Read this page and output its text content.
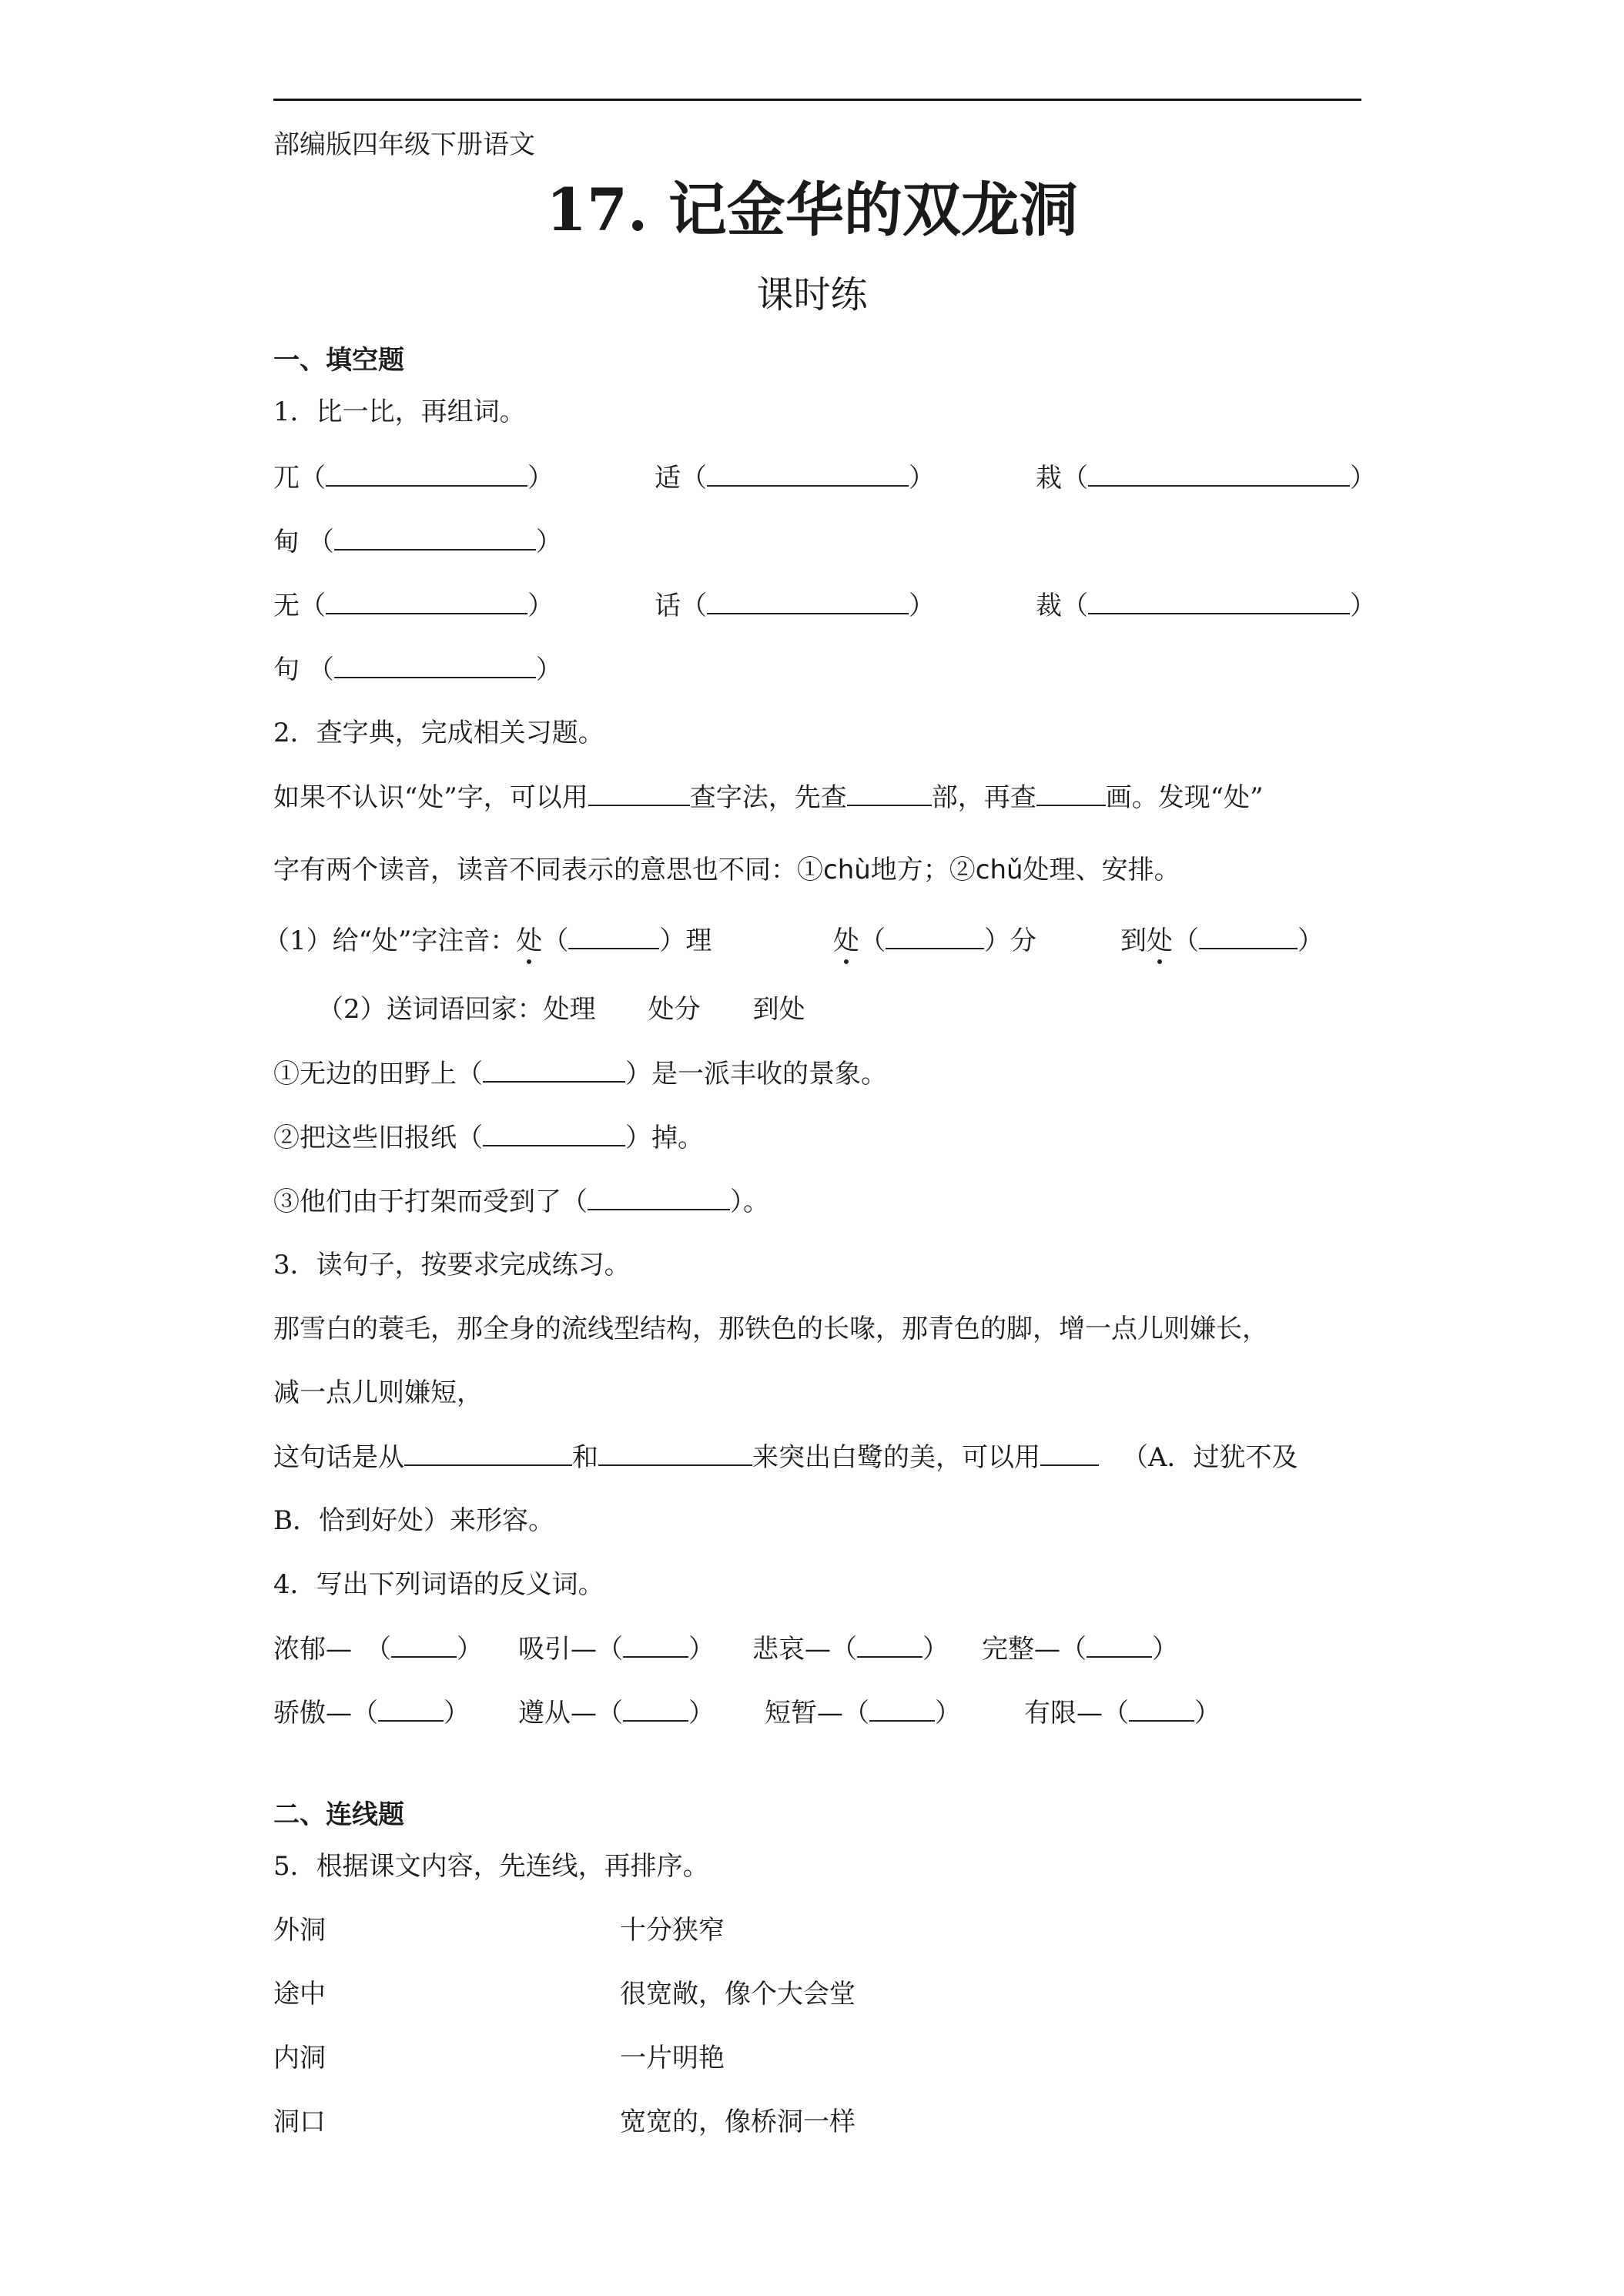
部编版四年级下册语文
17. 记金华的双龙洞
课时练
一、填空题
1．比一比，再组词。
兀（	）	适（	）	栽（	）
甸 （	）
无（	）	话（	）	裁（	）
句 （	）
2．查字典，完成相关习题。
如果不认识“处”字，可以用	查字法，先查	部，再查	画。发现“处”
字有两个读音，读音不同表示的意思也不同：①chù地方；②chǔ处理、安排。
（1）给“处”字注音：处（	）理	处（	）分	到处（	）
（2）送词语回家：处理　　处分　　到处
①无边的田野上（	）是一派丰收的景象。
②把这些旧报纸（	）掉。
③他们由于打架而受到了（	）。
3．读句子，按要求完成练习。
那雪白的蓑毛，那全身的流线型结构，那铁色的长喙，那青色的脚，增一点儿则嫌长，
减一点儿则嫌短，
这句话是从	和	来突出白鹭的美，可以用	（A．过犹不及
B．恰到好处）来形容。
4．写出下列词语的反义词。
浓郁—　（	） 吸引—（	） 悲哀—（	） 完整—（	）
骄傲—（	） 遵从—（	） 短暂—（	） 有限—（	）
二、连线题
5．根据课文内容，先连线，再排序。
外洞	十分狭窄
途中	很宽敞，像个大会堂
内洞	一片明艳
洞口	宽宽的，像桥洞一样
